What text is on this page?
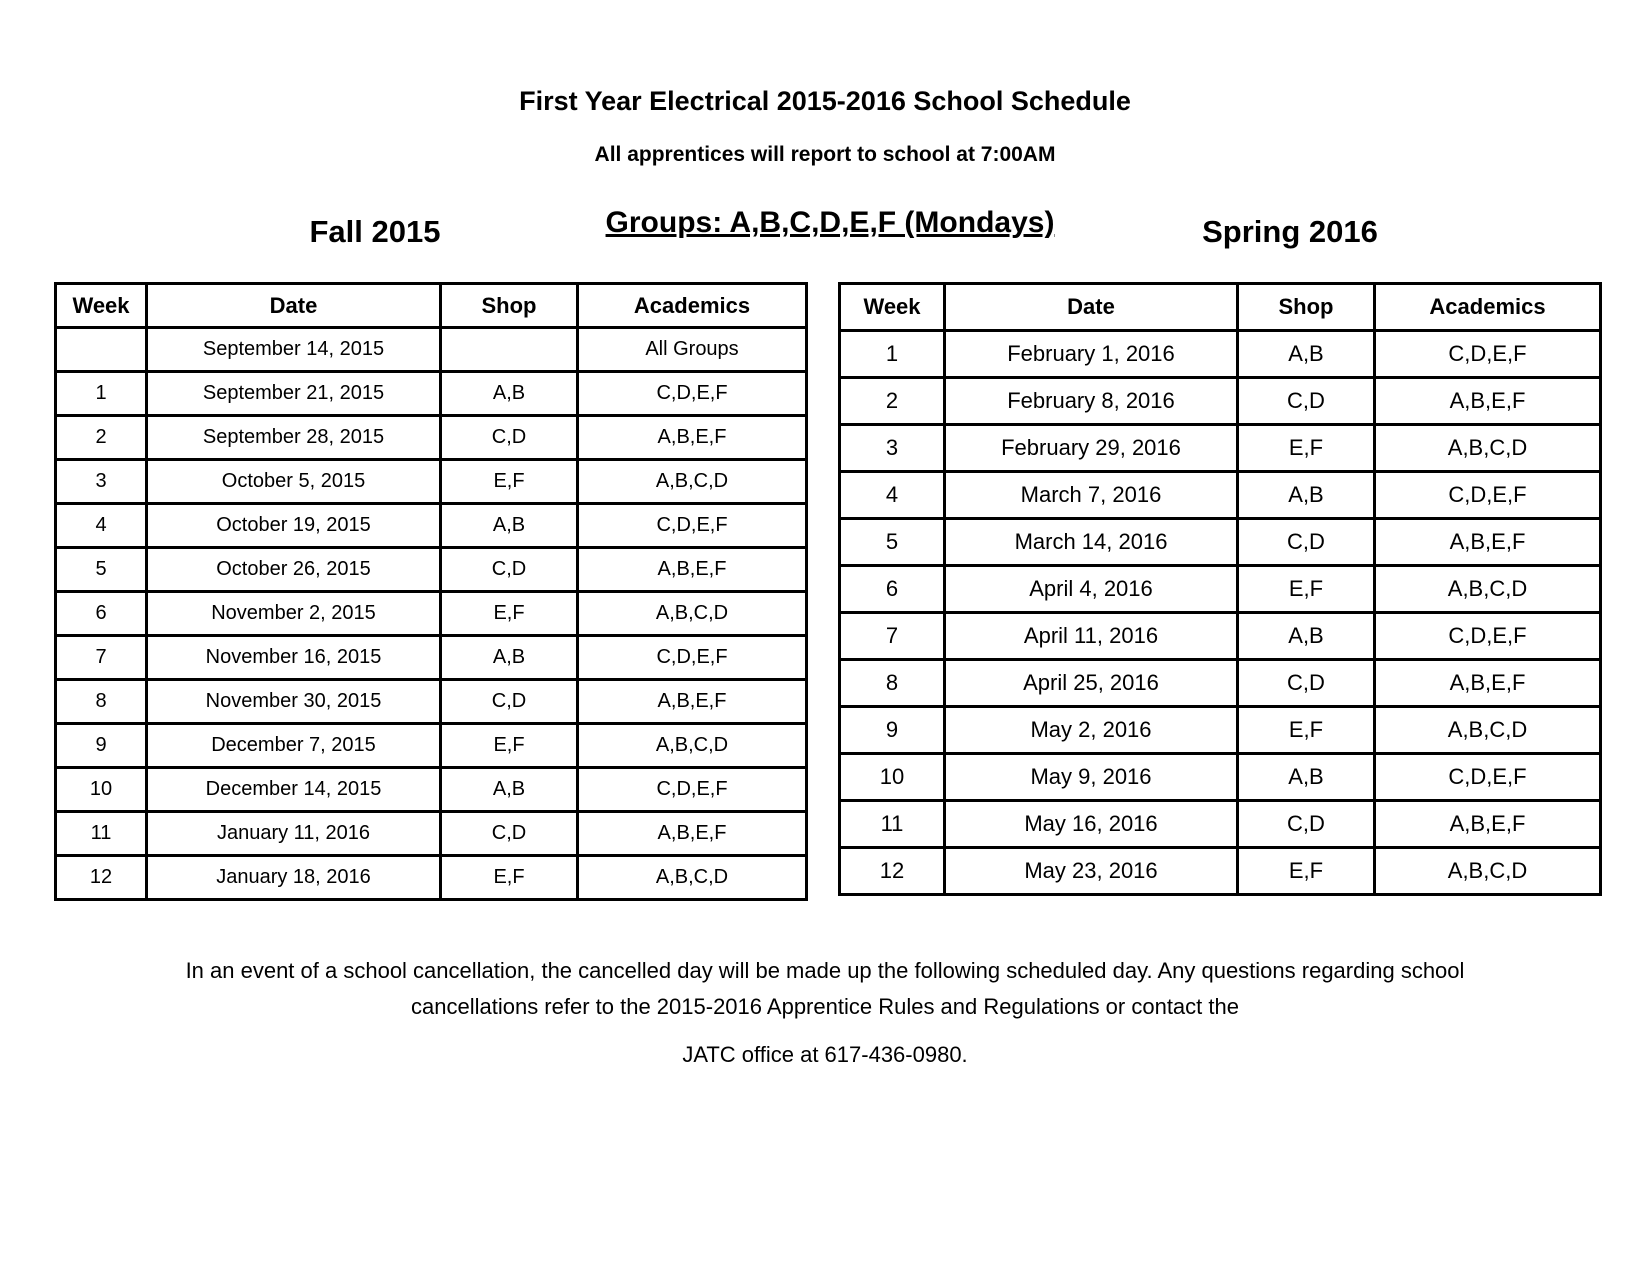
First Year Electrical 2015-2016 School Schedule
All apprentices will report to school at 7:00AM
Fall 2015	Groups: A,B,C,D,E,F (Mondays)	Spring 2016
Week	Date	Shop	Academics
	September 14, 2015		All Groups
1	September 21, 2015	A,B	C,D,E,F
2	September 28, 2015	C,D	A,B,E,F
3	October 5, 2015	E,F	A,B,C,D
4	October 19, 2015	A,B	C,D,E,F
5	October 26, 2015	C,D	A,B,E,F
6	November 2, 2015	E,F	A,B,C,D
7	November 16, 2015	A,B	C,D,E,F
8	November 30, 2015	C,D	A,B,E,F
9	December 7, 2015	E,F	A,B,C,D
10	December 14, 2015	A,B	C,D,E,F
11	January 11, 2016	C,D	A,B,E,F
12	January 18, 2016	E,F	A,B,C,D
Week	Date	Shop	Academics
1	February 1, 2016	A,B	C,D,E,F
2	February 8, 2016	C,D	A,B,E,F
3	February 29, 2016	E,F	A,B,C,D
4	March 7, 2016	A,B	C,D,E,F
5	March 14, 2016	C,D	A,B,E,F
6	April 4, 2016	E,F	A,B,C,D
7	April 11, 2016	A,B	C,D,E,F
8	April 25, 2016	C,D	A,B,E,F
9	May 2, 2016	E,F	A,B,C,D
10	May 9, 2016	A,B	C,D,E,F
11	May 16, 2016	C,D	A,B,E,F
12	May 23, 2016	E,F	A,B,C,D
In an event of a school cancellation, the cancelled day will be made up the following scheduled day. Any questions regarding school
cancellations refer to the 2015-2016 Apprentice Rules and Regulations or contact the
JATC office at 617-436-0980.
